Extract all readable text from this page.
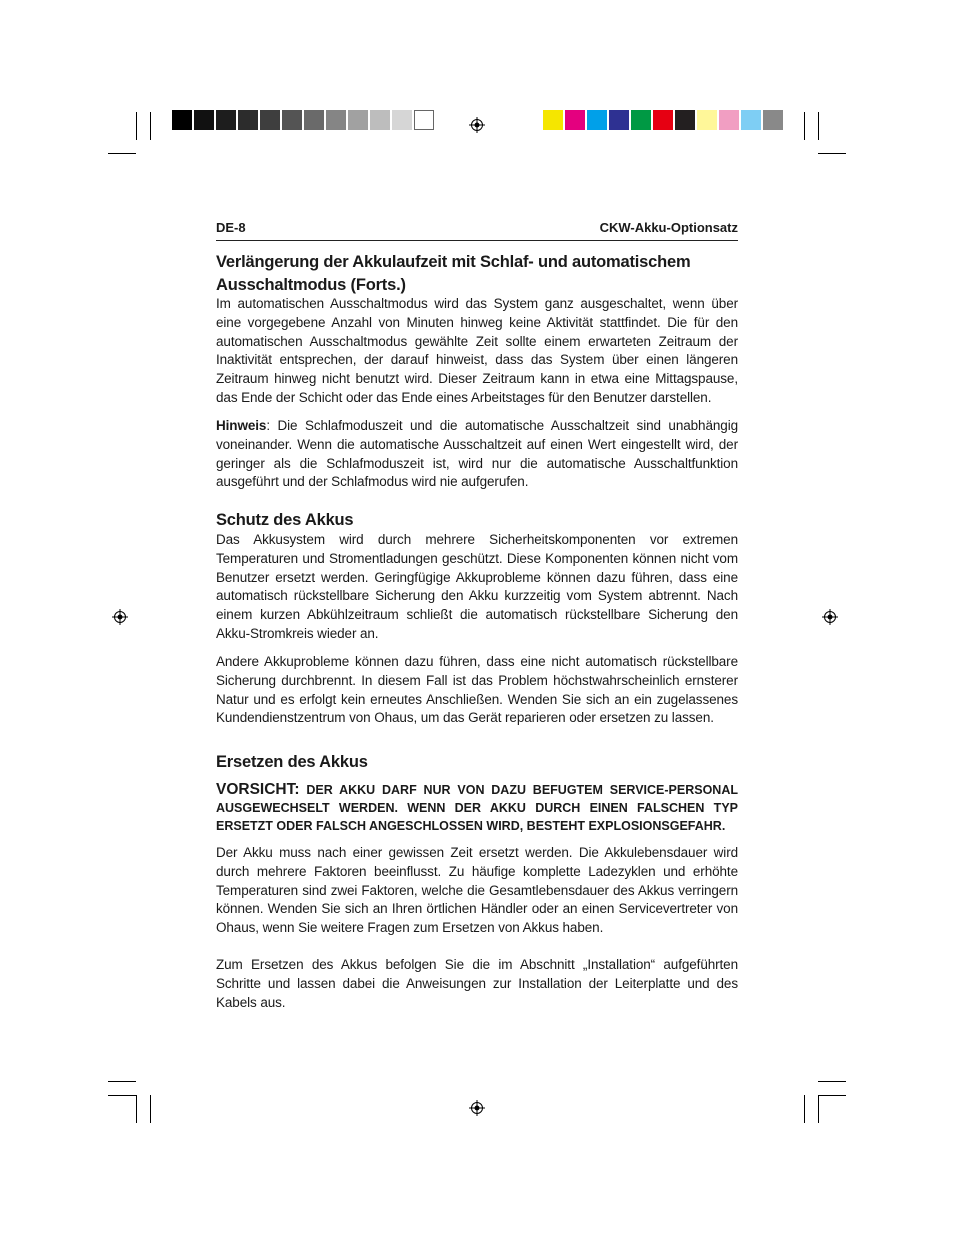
DE-8	CKW-Akku-Optionsatz
Verlängerung der Akkulaufzeit mit Schlaf- und automatischem Ausschaltmodus (Forts.)

Im automatischen Ausschaltmodus wird das System ganz ausgeschaltet, wenn über eine vorgegebene Anzahl von Minuten hinweg keine Aktivität stattfindet. Die für den automatischen Ausschaltmodus gewählte Zeit sollte einem erwarteten Zeitraum der Inaktivität entsprechen, der darauf hinweist, dass das System über einen längeren Zeitraum hinweg nicht benutzt wird. Dieser Zeitraum kann in etwa eine Mittagspause, das Ende der Schicht oder das Ende eines Arbeitstages für den Benutzer darstellen.

Hinweis: Die Schlafmoduszeit und die automatische Ausschaltzeit sind unabhängig voneinander. Wenn die automatische Ausschaltzeit auf einen Wert eingestellt wird, der geringer als die Schlafmoduszeit ist, wird nur die automatische Ausschaltfunktion ausgeführt und der Schlafmodus wird nie aufgerufen.

Schutz des Akkus

Das Akkusystem wird durch mehrere Sicherheitskomponenten vor extremen Temperaturen und Stromentladungen geschützt. Diese Komponenten können nicht vom Benutzer ersetzt werden. Geringfügige Akkuprobleme können dazu führen, dass eine automatisch rückstellbare Sicherung den Akku kurzzeitig vom System abtrennt. Nach einem kurzen Abkühlzeitraum schließt die automatisch rückstellbare Sicherung den Akku-Stromkreis wieder an.

Andere Akkuprobleme können dazu führen, dass eine nicht automatisch rückstellbare Sicherung durchbrennt. In diesem Fall ist das Problem höchstwahrscheinlich ernsterer Natur und es erfolgt kein erneutes Anschließen. Wenden Sie sich an ein zugelassenes Kundendienstzentrum von Ohaus, um das Gerät reparieren oder ersetzen zu lassen.

Ersetzen des Akkus
VORSICHT: DER AKKU DARF NUR VON DAZU BEFUGTEM SERVICE-PERSONAL AUSGEWECHSELT WERDEN. WENN DER AKKU DURCH EINEN FALSCHEN TYP ERSETZT ODER FALSCH ANGESCHLOSSEN WIRD, BESTEHT EXPLOSIONSGEFAHR.

Der Akku muss nach einer gewissen Zeit ersetzt werden. Die Akkulebensdauer wird durch mehrere Faktoren beeinflusst. Zu häufige komplette Ladezyklen und erhöhte Temperaturen sind zwei Faktoren, welche die Gesamtlebensdauer des Akkus verringern können. Wenden Sie sich an Ihren örtlichen Händler oder an einen Servicevertreter von Ohaus, wenn Sie weitere Fragen zum Ersetzen von Akkus haben.

Zum Ersetzen des Akkus befolgen Sie die im Abschnitt „Installation“ aufgeführten Schritte und lassen dabei die Anweisungen zur Installation der Leiterplatte und des Kabels aus.
